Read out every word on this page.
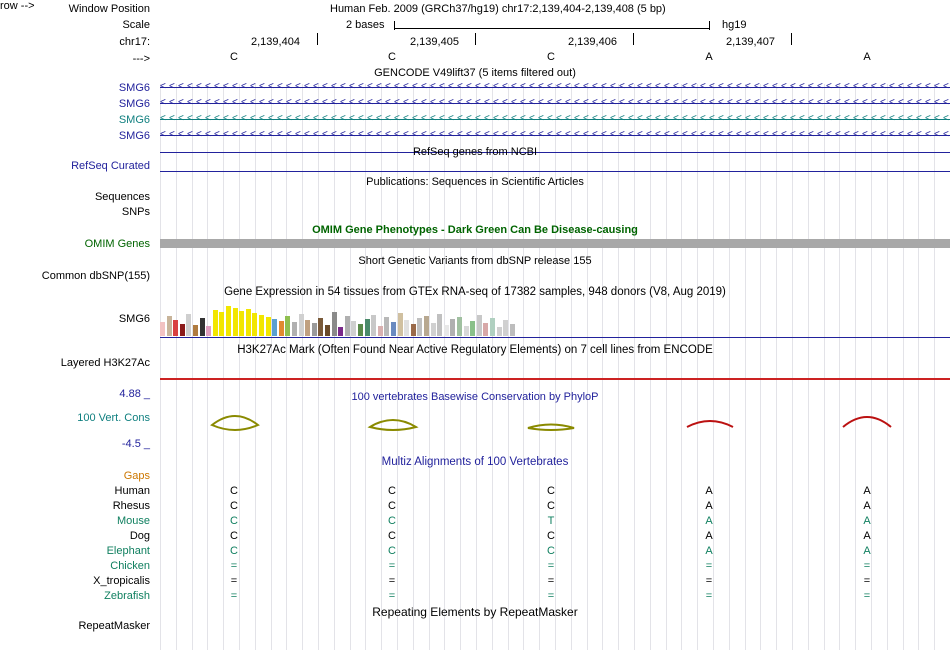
Window Position
Scale
chr17:
--->
Human Feb. 2009 (GRCh37/hg19) chr17:2,139,404-2,139,408 (5 bp)
2 bases	hg19
2,139,404	2,139,405	2,139,406	2,139,407
row -->
C	C	C	A	A
GENCODE V49lift37 (5 items filtered out)
SMG6
SMG6
SMG6
SMG6
< < < < < < < < < < < < < < < < < < < < < < < < < < < < < < < < < < < < < < < < < < < < < < < < < < < < < < < < < < < < < < < < < < < < < < < < < < < < < < < < < < < < < < < <
< < < < < < < < < < < < < < < < < < < < < < < < < < < < < < < < < < < < < < < < < < < < < < < < < < < < < < < < < < < < < < < < < < < < < < < < < < < < < < < < < < < < < < < <
< < < < < < < < < < < < < < < < < < < < < < < < < < < < < < < < < < < < < < < < < < < < < < < < < < < < < < < < < < < < < < < < < < < < < < < < < < < < < < < < < < < < < < < <
< < < < < < < < < < < < < < < < < < < < < < < < < < < < < < < < < < < < < < < < < < < < < < < < < < < < < < < < < < < < < < < < < < < < < < < < < < < < < < < < < < < < < < < <
RefSeq Curated
RefSeq genes from NCBI
Publications: Sequences in Scientific Articles
Sequences
SNPs
OMIM Gene Phenotypes - Dark Green Can Be Disease-causing
OMIM Genes
Short Genetic Variants from dbSNP release 155
Common dbSNP(155)
Gene Expression in 54 tissues from GTEx RNA-seq of 17382 samples, 948 donors (V8, Aug 2019)
SMG6
H3K27Ac Mark (Often Found Near Active Regulatory Elements) on 7 cell lines from ENCODE
Layered H3K27Ac
4.88 _	100 vertebrates Basewise Conservation by PhyloP
100 Vert. Cons
-4.5 _
Multiz Alignments of 100 Vertebrates
Gaps
Human	C	C	C	A	A
Rhesus	C	C	C	A	A
Mouse	C	C	T	A	A
Dog	C	C	C	A	A
Elephant	C	C	C	A	A
Chicken	=	=	=	=	=
X_tropicalis	=	=	=	=	=
Zebrafish	=	=	=	=	=
Repeating Elements by RepeatMasker
RepeatMasker
